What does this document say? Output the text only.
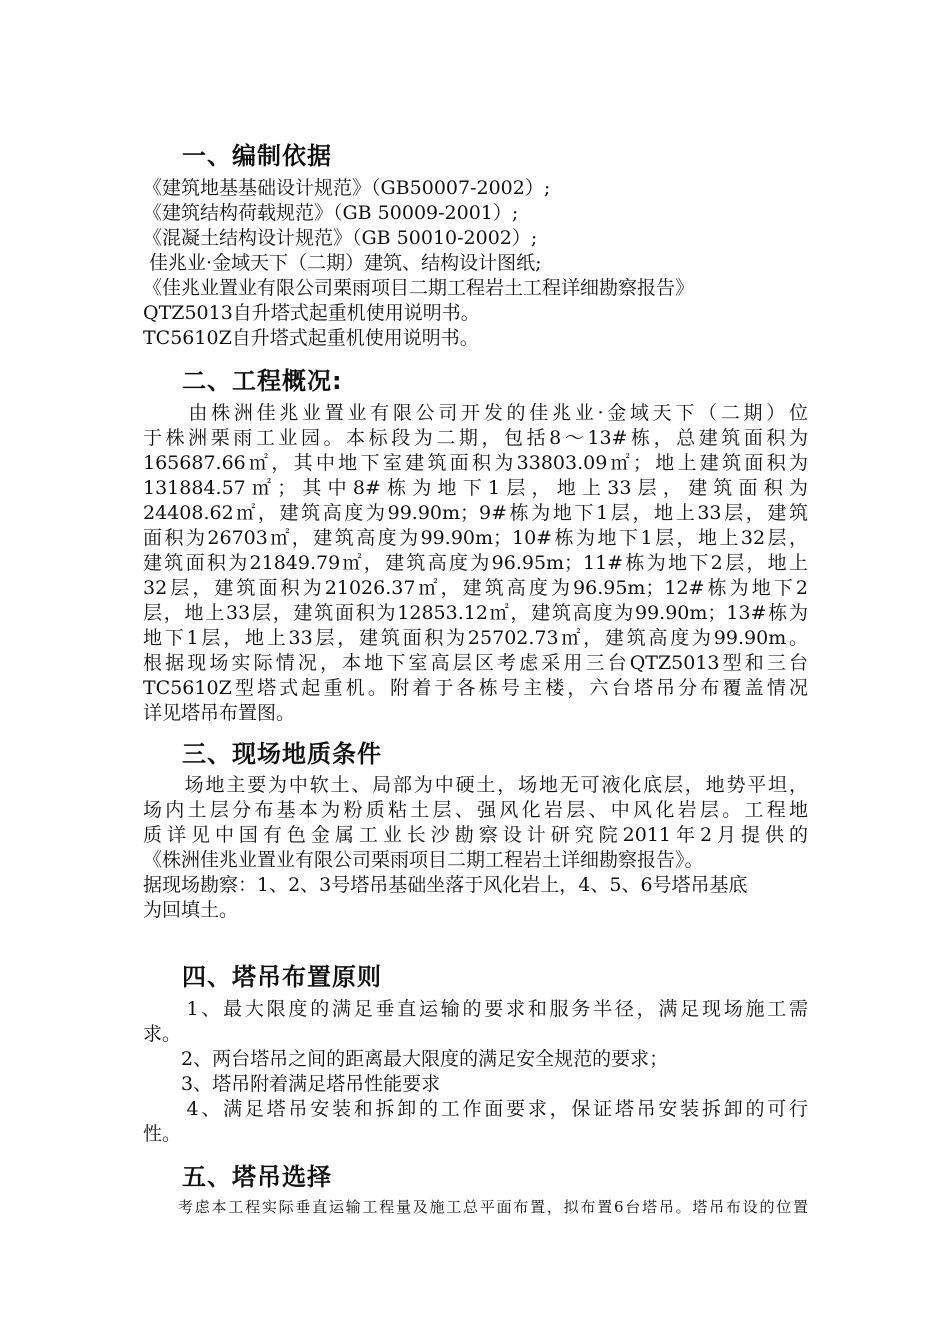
一、编制依据
《建筑地基基础设计规范》（GB50007-2002）;
《建筑结构荷载规范》（GB 50009-2001）;
《混凝土结构设计规范》（GB 50010-2002）;
佳兆业·金域天下（二期）建筑、结构设计图纸;
《佳兆业置业有限公司栗雨项目二期工程岩土工程详细勘察报告》
QTZ5013自升塔式起重机使用说明书。
TC5610Z自升塔式起重机使用说明书。
二、工程概况:
　　由株洲佳兆业置业有限公司开发的佳兆业·金域天下（二期）位
于株洲栗雨工业园。本标段为二期，包括8～13#栋，总建筑面积为
165687.66㎡，其中地下室建筑面积为33803.09㎡；地上建筑面积为
131884.57㎡；其中8#栋为地下1层，地上33层，建筑面积为
24408.62㎡，建筑高度为99.90m；9#栋为地下1层，地上33层，建筑
面积为26703㎡，建筑高度为99.90m；10#栋为地下1层，地上32层，
建筑面积为21849.79㎡，建筑高度为96.95m；11#栋为地下2层，地上
32层，建筑面积为21026.37㎡，建筑高度为96.95m；12#栋为地下2
层，地上33层，建筑面积为12853.12㎡，建筑高度为99.90m；13#栋为
地下1层，地上33层，建筑面积为25702.73㎡，建筑高度为99.90m。
根据现场实际情况，本地下室高层区考虑采用三台QTZ5013型和三台
TC5610Z型塔式起重机。附着于各栋号主楼，六台塔吊分布覆盖情况
详见塔吊布置图。
三、现场地质条件
　　场地主要为中软土、局部为中硬土，场地无可液化底层，地势平坦，
场内土层分布基本为粉质粘土层、强风化岩层、中风化岩层。工程地
质详见中国有色金属工业长沙勘察设计研究院2011年2月提供的
《株洲佳兆业置业有限公司栗雨项目二期工程岩土详细勘察报告》。
据现场勘察：1、2、3号塔吊基础坐落于风化岩上，4、5、6号塔吊基底
为回填土。
四、塔吊布置原则
　　1、最大限度的满足垂直运输的要求和服务半径，满足现场施工需
求。
　　2、两台塔吊之间的距离最大限度的满足安全规范的要求；
　　3、塔吊附着满足塔吊性能要求
　　4、满足塔吊安装和拆卸的工作面要求，保证塔吊安装拆卸的可行
性。
五、塔吊选择
考虑本工程实际垂直运输工程量及施工总平面布置，拟布置6台塔吊。塔吊布设的位置
